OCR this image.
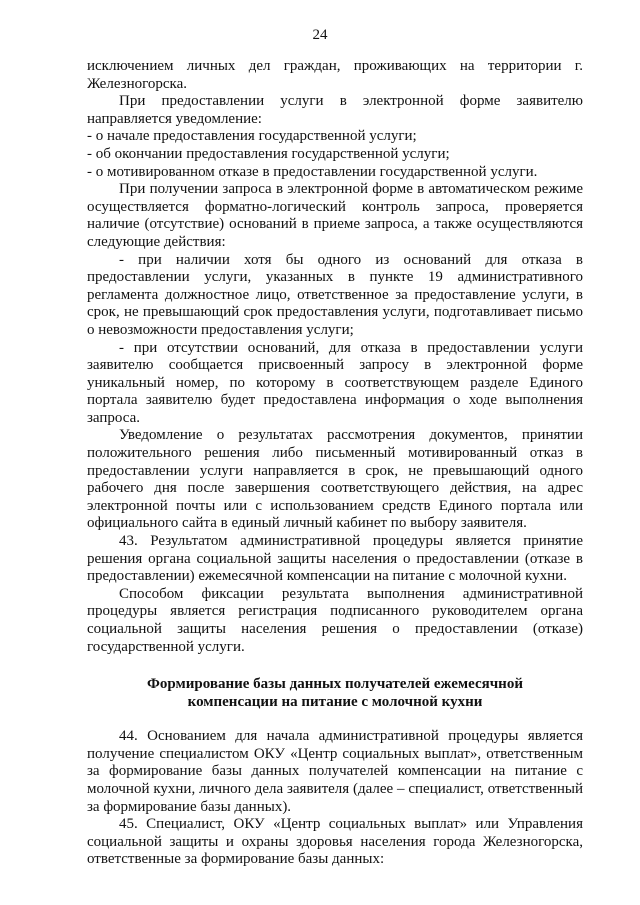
24

исключением личных дел граждан, проживающих на территории г. Железногорска.

При предоставлении услуги в электронной форме заявителю направляется уведомление:

- о начале предоставления государственной услуги;

- об окончании предоставления государственной услуги;

- о мотивированном отказе в предоставлении государственной услуги.

При получении запроса в электронной форме в автоматическом режиме осуществляется форматно-логический контроль запроса, проверяется наличие (отсутствие) оснований в приеме запроса, а также осуществляются следующие действия:

- при наличии хотя бы одного из оснований для отказа в предоставлении услуги, указанных в пункте 19 административного регламента должностное лицо, ответственное за предоставление услуги, в срок, не превышающий срок предоставления услуги, подготавливает письмо о невозможности предоставления услуги;

- при отсутствии оснований, для отказа в предоставлении услуги заявителю сообщается присвоенный запросу в электронной форме уникальный номер, по которому в соответствующем разделе Единого портала заявителю будет предоставлена информация о ходе выполнения запроса.

Уведомление о результатах рассмотрения документов, принятии положительного решения либо письменный мотивированный отказ в предоставлении услуги направляется в срок, не превышающий одного рабочего дня после завершения соответствующего действия, на адрес электронной почты или с использованием средств Единого портала или официального сайта в единый личный кабинет по выбору заявителя.

43. Результатом административной процедуры является принятие решения органа социальной защиты населения о предоставлении (отказе в предоставлении) ежемесячной компенсации на питание с молочной кухни.

Способом фиксации результата выполнения административной процедуры является регистрация подписанного руководителем органа социальной защиты населения решения о предоставлении (отказе) государственной услуги.

Формирование базы данных получателей ежемесячной
компенсации на питание с молочной кухни

44. Основанием для начала административной процедуры является получение специалистом ОКУ «Центр социальных выплат», ответственным за формирование базы данных получателей компенсации на питание с молочной кухни, личного дела заявителя (далее – специалист, ответственный за формирование базы данных).

45. Специалист, ОКУ «Центр социальных выплат» или Управления социальной защиты и охраны здоровья населения города Железногорска, ответственные за формирование базы данных:
